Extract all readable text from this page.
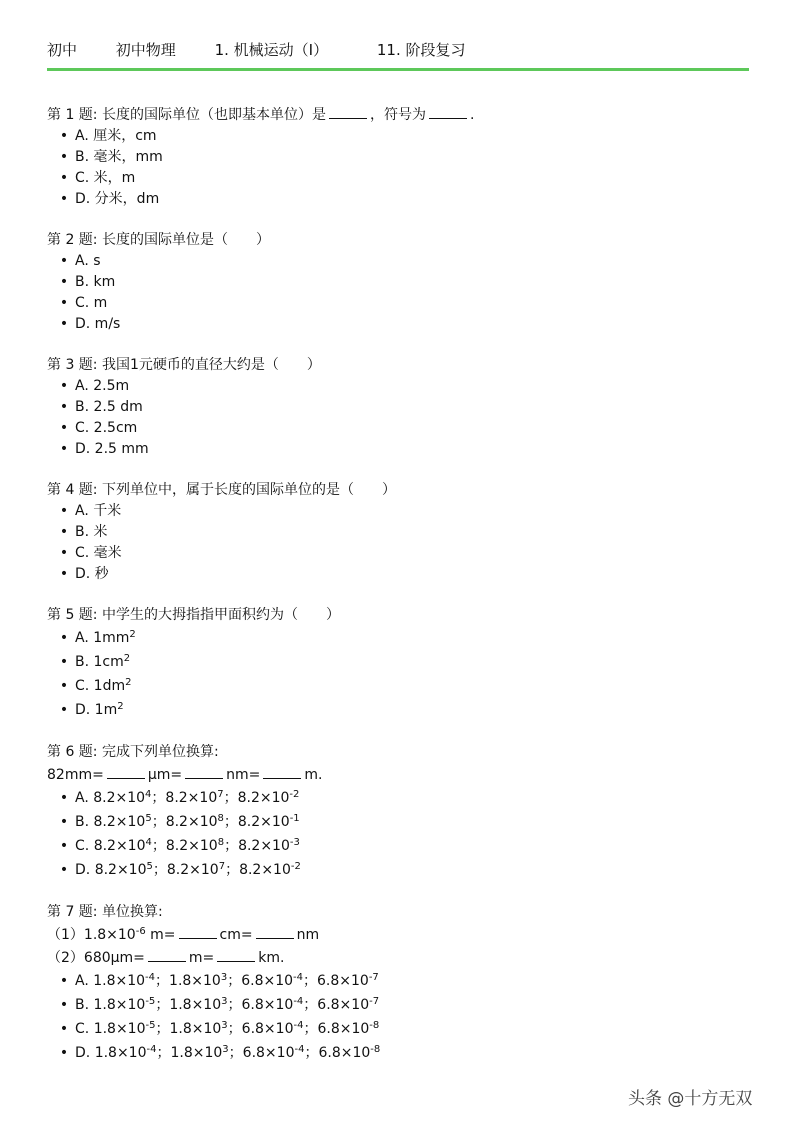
初中	初中物理	1. 机械运动（I）	11. 阶段复习
第 1 题: 长度的国际单位（也即基本单位）是	，符号为	.
• A. 厘米，cm
• B. 毫米，mm
• C. 米，m
• D. 分米，dm
第 2 题: 长度的国际单位是（　　）
• A. s
• B. km
• C. m
• D. m/s
第 3 题: 我国1元硬币的直径大约是（　　）
• A. 2.5m
• B. 2.5 dm
• C. 2.5cm
• D. 2.5 mm
第 4 题: 下列单位中，属于长度的国际单位的是（　　）
• A. 千米
• B. 米
• C. 毫米
• D. 秒
第 5 题: 中学生的大拇指指甲面积约为（　　）
• A. $1mm^2$
• B. $1cm^2$
• C. $1dm^2$
• D. $1m^2$
第 6 题: 完成下列单位换算:
82mm=	μm=	nm=	m.
• A. $8.2\times 10^4$；$8.2\times 10^7$；$8.2\times 10^{-2}$
• B. $8.2\times 10^5$；$8.2\times 10^8$；$8.2\times 10^{-1}$
• C. $8.2\times 10^4$；$8.2\times 10^8$；$8.2\times 10^{-3}$
• D. $8.2\times 10^5$；$8.2\times 10^7$；$8.2\times 10^{-2}$
第 7 题: 单位换算:
$(1)1.8\times 10^{-6}$ m=	cm=	nm
（2）680μm=	m=	km.
• A. $1.8\times 10^{-4}$；$1.8\times 10^3$；$6.8\times 10^{-4}$；$6.8\times 10^{-7}$
• B. $1.8\times 10^{-5}$；$1.8\times 10^3$；$6.8\times 10^{-4}$；$6.8\times 10^{-7}$
• C. $1.8\times 10^{-5}$；$1.8\times 10^3$；$6.8\times 10^{-4}$；$6.8\times 10^{-8}$
• D. $1.8\times 10^{-4}$；$1.8\times 10^3$；$6.8\times 10^{-4}$；$6.8\times 10^{-8}$
头条 @十方无双
